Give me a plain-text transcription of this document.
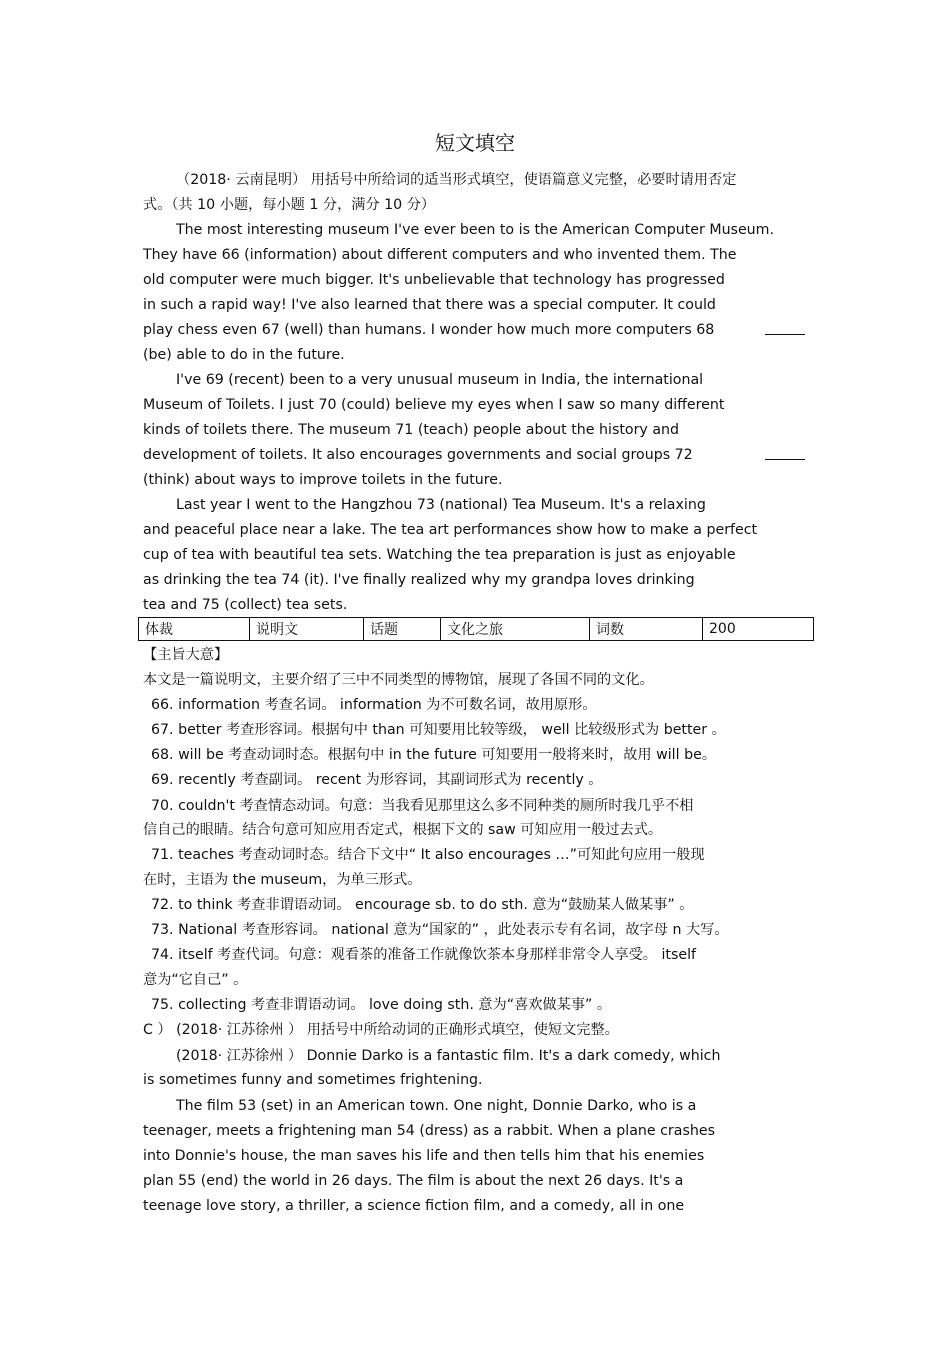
短文填空
（2018· 云南昆明） 用括号中所给词的适当形式填空，使语篇意义完整，必要时请用否定
式。（共 10 小题，每小题 1 分，满分 10 分）
The most interesting museum I've ever been to is the American Computer Museum.
They have 66 (information) about different computers and who invented them. The
old computer were much bigger. It's unbelievable that technology has progressed
in such a rapid way! I've also learned that there was a special computer. It could
play chess even 67 (well) than humans. I wonder how much more computers 68
(be) able to do in the future.
I've 69 (recent) been to a very unusual museum in India, the international
Museum of Toilets. I just 70 (could) believe my eyes when I saw so many different
kinds of toilets there. The museum 71 (teach) people about the history and
development of toilets. It also encourages governments and social groups 72
(think) about ways to improve toilets in the future.
Last year I went to the Hangzhou 73 (national) Tea Museum. It's a relaxing
and peaceful place near a lake. The tea art performances show how to make a perfect
cup of tea with beautiful tea sets. Watching the tea preparation is just as enjoyable
as drinking the tea 74 (it). I've finally realized why my grandpa loves drinking
tea and 75 (collect) tea sets.
体裁	说明文	话题	文化之旅	词数	200
【主旨大意】
本文是一篇说明文，主要介绍了三中不同类型的博物馆，展现了各国不同的文化。
66. information 考查名词。 information 为不可数名词，故用原形。
67. better 考查形容词。根据句中 than 可知要用比较等级， well 比较级形式为 better 。
68. will be 考查动词时态。根据句中 in the future 可知要用一般将来时，故用 will be。
69. recently 考查副词。 recent 为形容词，其副词形式为 recently 。
70. couldn't 考查情态动词。句意：当我看见那里这么多不同种类的厕所时我几乎不相
信自己的眼睛。结合句意可知应用否定式，根据下文的 saw 可知应用一般过去式。
71. teaches 考查动词时态。结合下文中“ It also encourages …”可知此句应用一般现
在时，主语为 the museum，为单三形式。
72. to think 考查非谓语动词。 encourage sb. to do sth. 意为“鼓励某人做某事” 。
73. National 考查形容词。 national 意为“国家的” ，此处表示专有名词，故字母 n 大写。
74. itself 考查代词。句意：观看茶的准备工作就像饮茶本身那样非常令人享受。 itself
意为“它自己” 。
75. collecting 考查非谓语动词。 love doing sth. 意为“喜欢做某事” 。
C ） (2018· 江苏徐州 ） 用括号中所给动词的正确形式填空，使短文完整。
(2018· 江苏徐州 ） Donnie Darko is a fantastic film. It's a dark comedy, which
is sometimes funny and sometimes frightening.
The film 53 (set) in an American town. One night, Donnie Darko, who is a
teenager, meets a frightening man 54 (dress) as a rabbit. When a plane crashes
into Donnie's house, the man saves his life and then tells him that his enemies
plan 55 (end) the world in 26 days. The film is about the next 26 days. It's a
teenage love story, a thriller, a science fiction film, and a comedy, all in one
